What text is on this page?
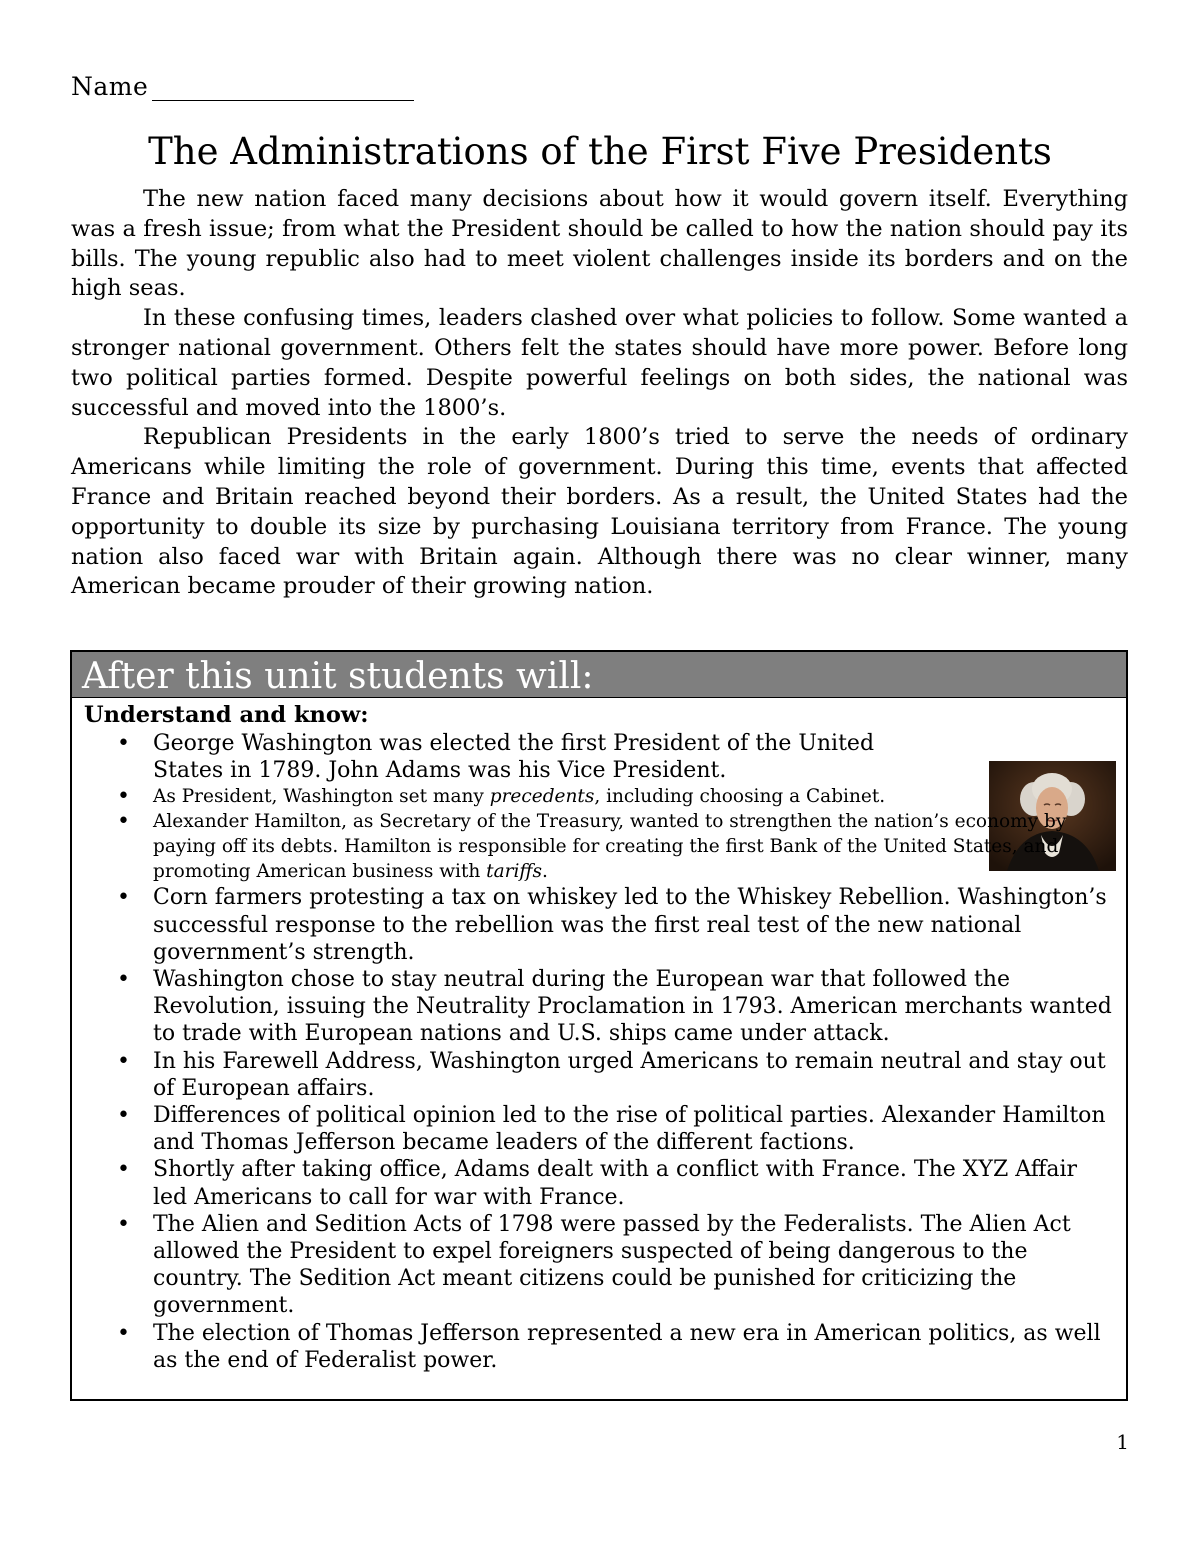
Name
The Administrations of the First Five Presidents

The new nation faced many decisions about how it would govern itself. Everything was a fresh issue; from what the President should be called to how the nation should pay its bills. The young republic also had to meet violent challenges inside its borders and on the high seas.

In these confusing times, leaders clashed over what policies to follow. Some wanted a stronger national government. Others felt the states should have more power. Before long two political parties formed. Despite powerful feelings on both sides, the national was successful and moved into the 1800’s.

Republican Presidents in the early 1800’s tried to serve the needs of ordinary Americans while limiting the role of government. During this time, events that affected France and Britain reached beyond their borders. As a result, the United States had the opportunity to double its size by purchasing Louisiana territory from France. The young nation also faced war with Britain again. Although there was no clear winner, many American became prouder of their growing nation.

After this unit students will:
Understand and know:
• George Washington was elected the first President of the United States in 1789. John Adams was his Vice President.
• As President, Washington set many precedents, including choosing a Cabinet.
• Alexander Hamilton, as Secretary of the Treasury, wanted to strengthen the nation’s economy by paying off its debts. Hamilton is responsible for creating the first Bank of the United States, and promoting American business with tariffs.
• Corn farmers protesting a tax on whiskey led to the Whiskey Rebellion. Washington’s successful response to the rebellion was the first real test of the new national government’s strength.
• Washington chose to stay neutral during the European war that followed the Revolution, issuing the Neutrality Proclamation in 1793. American merchants wanted to trade with European nations and U.S. ships came under attack.
• In his Farewell Address, Washington urged Americans to remain neutral and stay out of European affairs.
• Differences of political opinion led to the rise of political parties. Alexander Hamilton and Thomas Jefferson became leaders of the different factions.
• Shortly after taking office, Adams dealt with a conflict with France. The XYZ Affair led Americans to call for war with France.
• The Alien and Sedition Acts of 1798 were passed by the Federalists. The Alien Act allowed the President to expel foreigners suspected of being dangerous to the country. The Sedition Act meant citizens could be punished for criticizing the government.
• The election of Thomas Jefferson represented a new era in American politics, as well as the end of Federalist power.
1
